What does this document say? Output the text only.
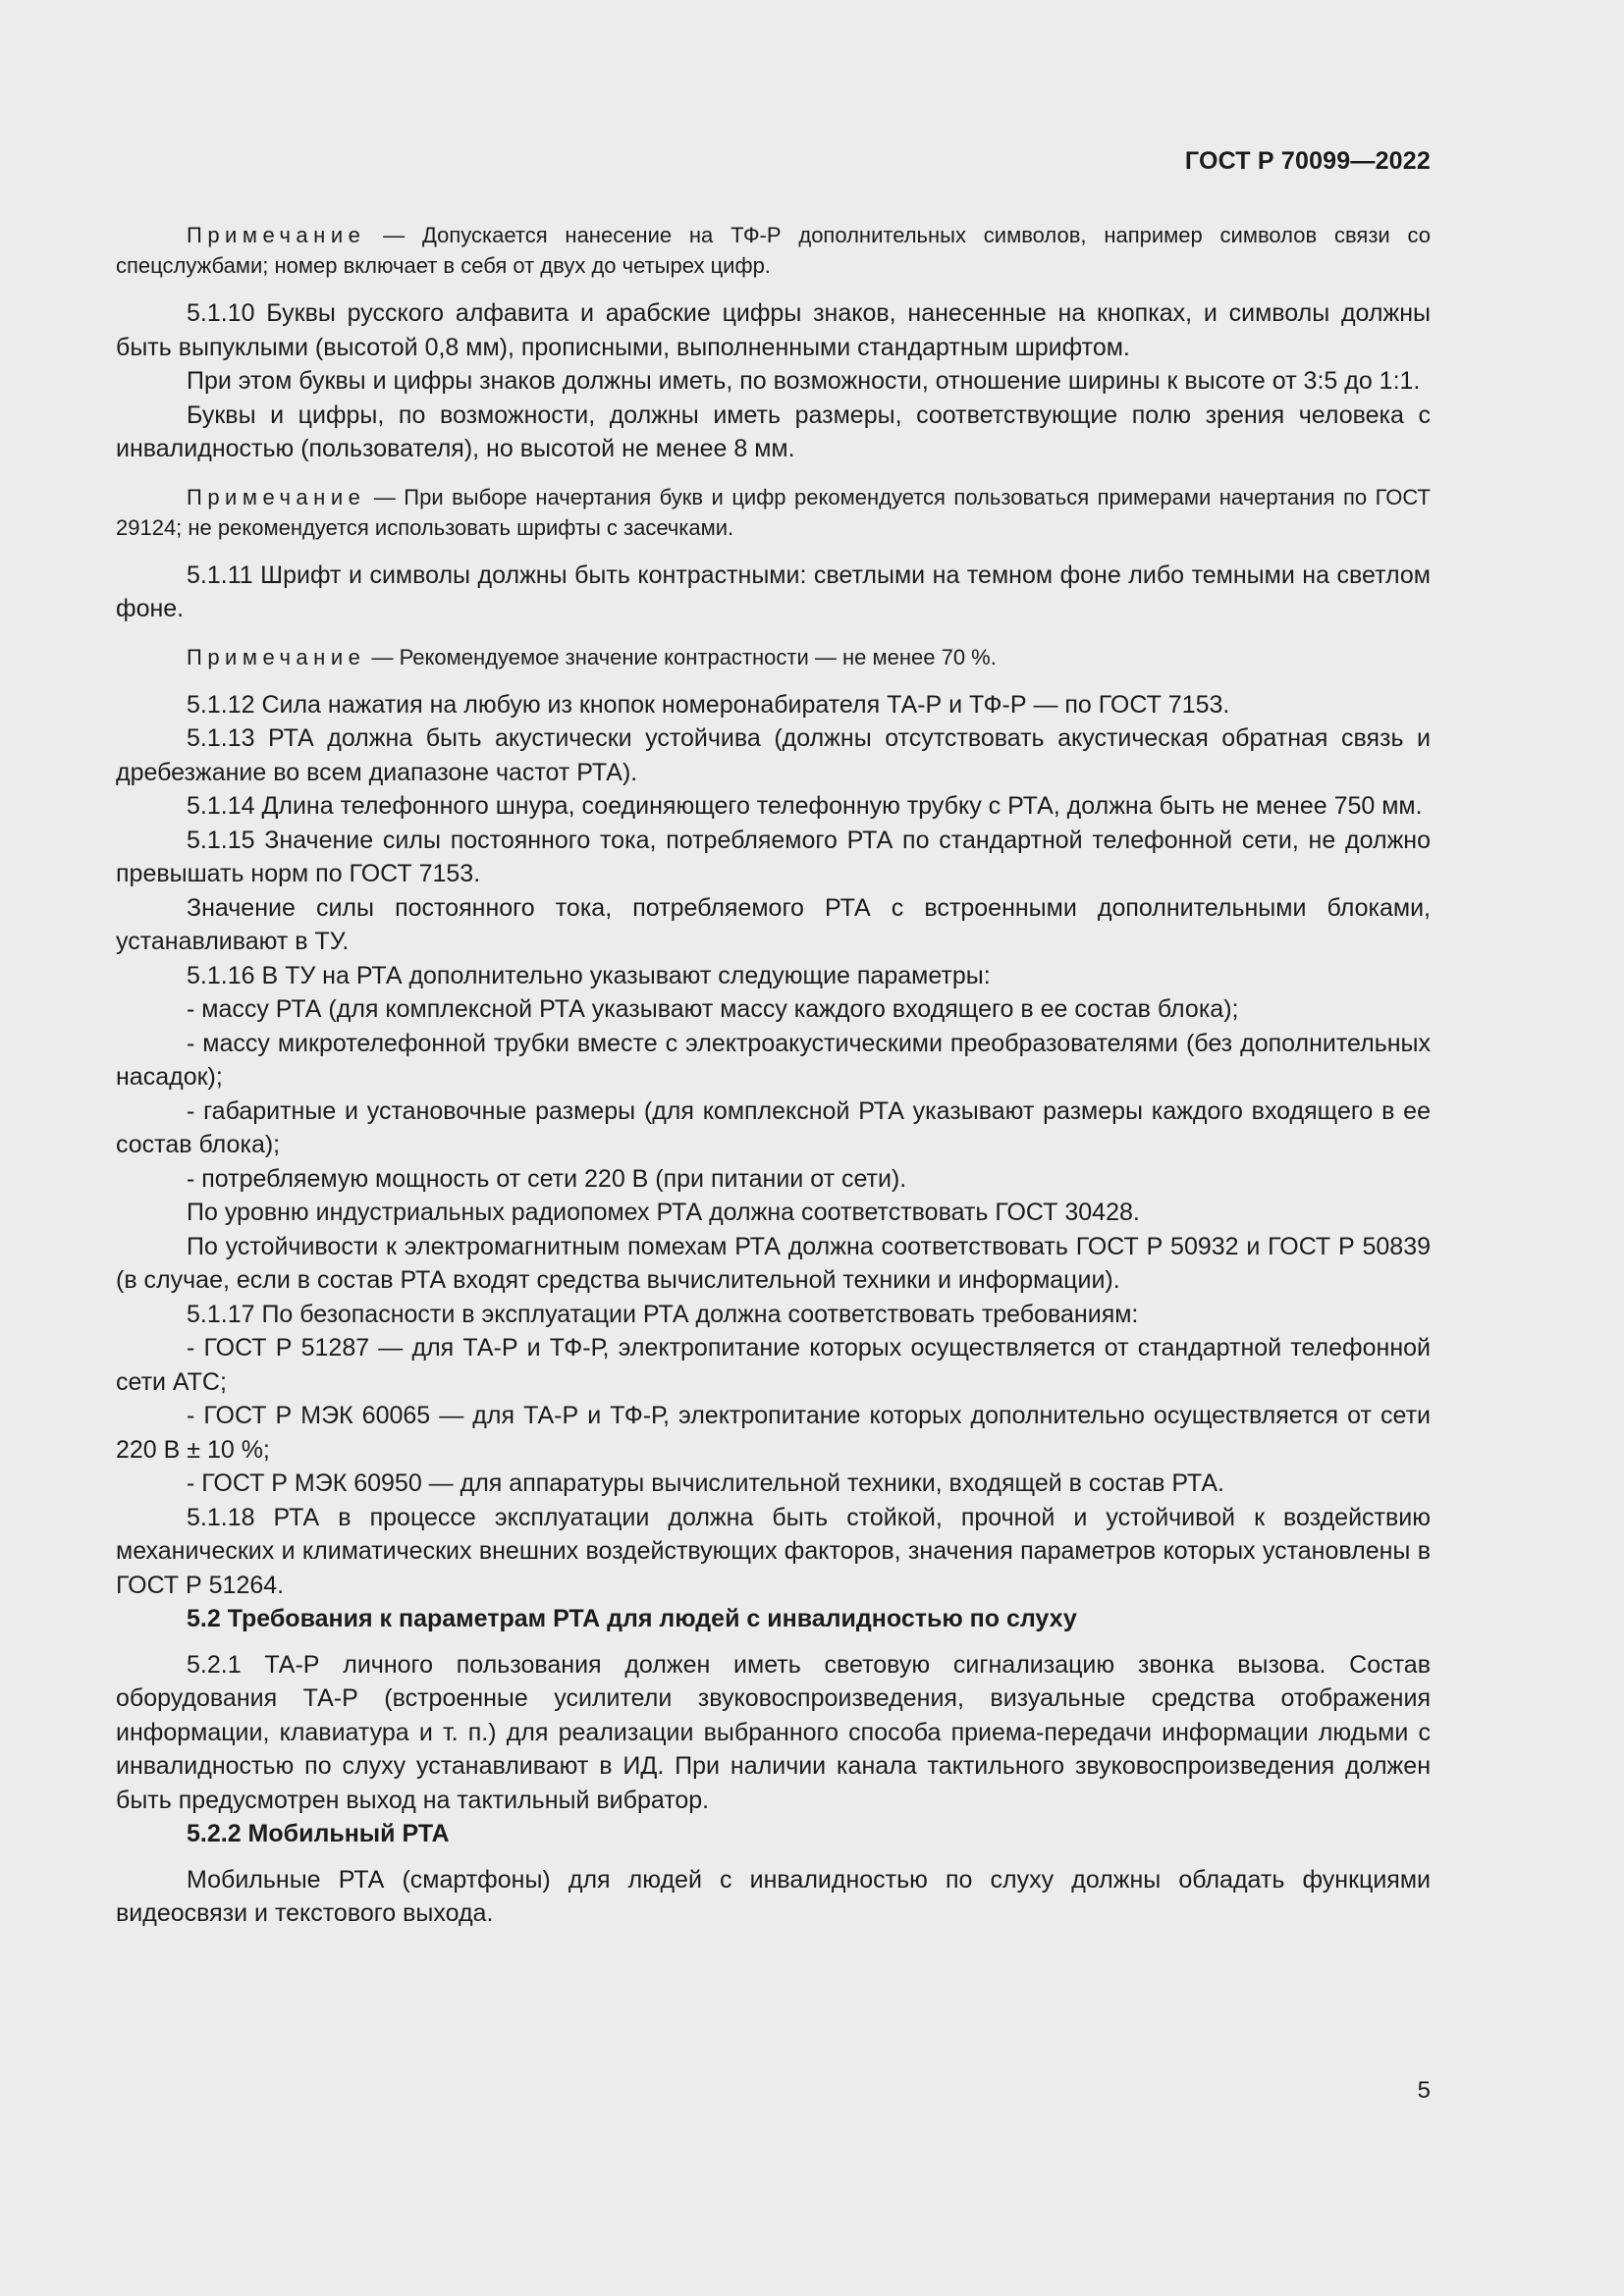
ГОСТ Р 70099—2022

Примечание — Допускается нанесение на ТФ-Р дополнительных символов, например символов связи со спецслужбами; номер включает в себя от двух до четырех цифр.

5.1.10 Буквы русского алфавита и арабские цифры знаков, нанесенные на кнопках, и символы должны быть выпуклыми (высотой 0,8 мм), прописными, выполненными стандартным шрифтом.

При этом буквы и цифры знаков должны иметь, по возможности, отношение ширины к высоте от 3:5 до 1:1.

Буквы и цифры, по возможности, должны иметь размеры, соответствующие полю зрения человека с инвалидностью (пользователя), но высотой не менее 8 мм.

Примечание — При выборе начертания букв и цифр рекомендуется пользоваться примерами начертания по ГОСТ 29124; не рекомендуется использовать шрифты с засечками.

5.1.11 Шрифт и символы должны быть контрастными: светлыми на темном фоне либо темными на светлом фоне.

Примечание — Рекомендуемое значение контрастности — не менее 70 %.

5.1.12 Сила нажатия на любую из кнопок номеронабирателя ТА-Р и ТФ-Р — по ГОСТ 7153.

5.1.13 РТА должна быть акустически устойчива (должны отсутствовать акустическая обратная связь и дребезжание во всем диапазоне частот РТА).

5.1.14 Длина телефонного шнура, соединяющего телефонную трубку с РТА, должна быть не менее 750 мм.

5.1.15 Значение силы постоянного тока, потребляемого РТА по стандартной телефонной сети, не должно превышать норм по ГОСТ 7153.

Значение силы постоянного тока, потребляемого РТА с встроенными дополнительными блоками, устанавливают в ТУ.

5.1.16 В ТУ на РТА дополнительно указывают следующие параметры:

- массу РТА (для комплексной РТА указывают массу каждого входящего в ее состав блока);

- массу микротелефонной трубки вместе с электроакустическими преобразователями (без дополнительных насадок);

- габаритные и установочные размеры (для комплексной РТА указывают размеры каждого входящего в ее состав блока);

- потребляемую мощность от сети 220 В (при питании от сети).

По уровню индустриальных радиопомех РТА должна соответствовать ГОСТ 30428.

По устойчивости к электромагнитным помехам РТА должна соответствовать ГОСТ Р 50932 и ГОСТ Р 50839 (в случае, если в состав РТА входят средства вычислительной техники и информации).

5.1.17 По безопасности в эксплуатации РТА должна соответствовать требованиям:

- ГОСТ Р 51287 — для ТА-Р и ТФ-Р, электропитание которых осуществляется от стандартной телефонной сети АТС;

- ГОСТ Р МЭК 60065 — для ТА-Р и ТФ-Р, электропитание которых дополнительно осуществляется от сети 220 В ± 10 %;

- ГОСТ Р МЭК 60950 — для аппаратуры вычислительной техники, входящей в состав РТА.

5.1.18 РТА в процессе эксплуатации должна быть стойкой, прочной и устойчивой к воздействию механических и климатических внешних воздействующих факторов, значения параметров которых установлены в ГОСТ Р 51264.

5.2 Требования к параметрам РТА для людей с инвалидностью по слуху

5.2.1 ТА-Р личного пользования должен иметь световую сигнализацию звонка вызова. Состав оборудования ТА-Р (встроенные усилители звуковоспроизведения, визуальные средства отображения информации, клавиатура и т. п.) для реализации выбранного способа приема-передачи информации людьми с инвалидностью по слуху устанавливают в ИД. При наличии канала тактильного звуковоспроизведения должен быть предусмотрен выход на тактильный вибратор.

5.2.2 Мобильный РТА

Мобильные РТА (смартфоны) для людей с инвалидностью по слуху должны обладать функциями видеосвязи и текстового выхода.

5
